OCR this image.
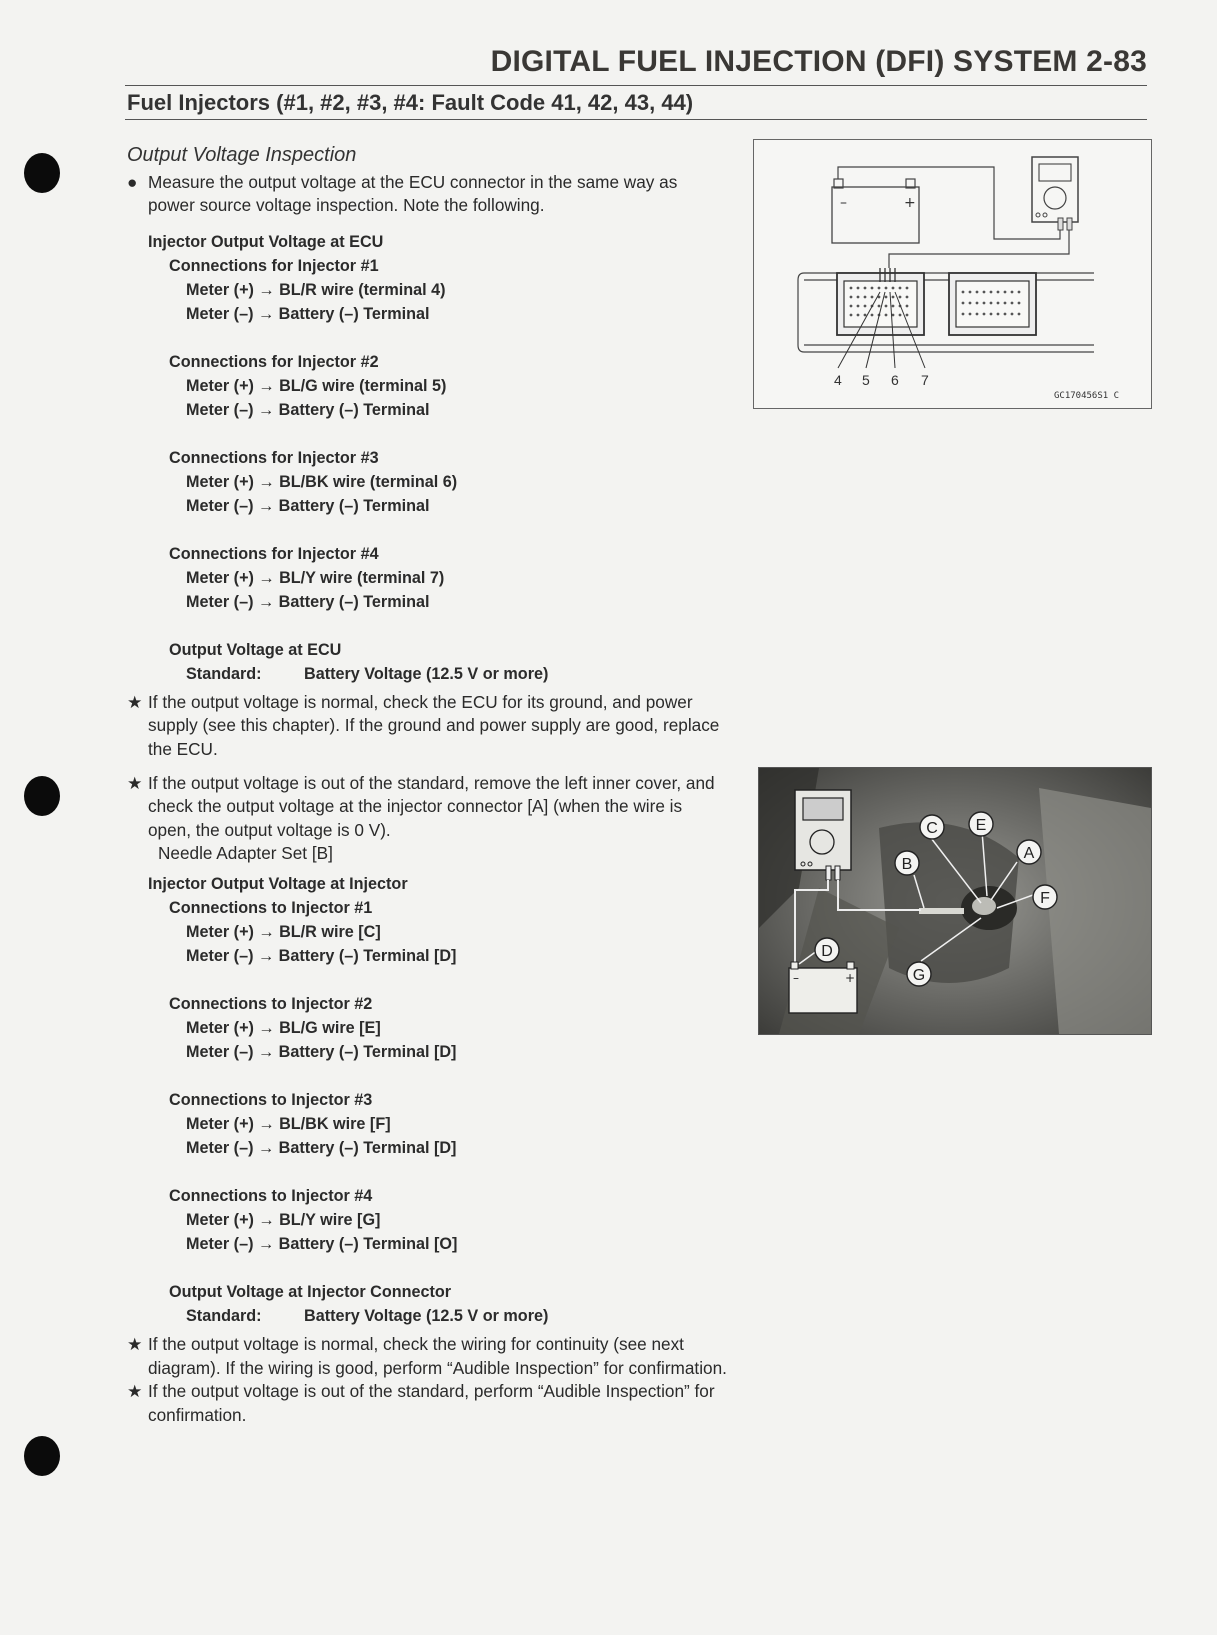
DIGITAL FUEL INJECTION (DFI) SYSTEM 2-83
Fuel Injectors (#1, #2, #3, #4: Fault Code 41, 42, 43, 44)
Output Voltage Inspection

● Measure the output voltage at the ECU connector in the same way as power source voltage inspection. Note the following.

Injector Output Voltage at ECU
Connections for Injector #1
Meter (+) → BL/R wire (terminal 4)
Meter (–) → Battery (–) Terminal
Connections for Injector #2
Meter (+) → BL/G wire (terminal 5)
Meter (–) → Battery (–) Terminal
Connections for Injector #3
Meter (+) → BL/BK wire (terminal 6)
Meter (–) → Battery (–) Terminal
Connections for Injector #4
Meter (+) → BL/Y wire (terminal 7)
Meter (–) → Battery (–) Terminal
Output Voltage at ECU
Standard:	Battery Voltage (12.5 V or more)

★ If the output voltage is normal, check the ECU for its ground, and power supply (see this chapter). If the ground and power supply are good, replace the ECU.

★ If the output voltage is out of the standard, remove the left inner cover, and check the output voltage at the injector connector [A] (when the wire is open, the output voltage is 0 V).

Needle Adapter Set [B]
Injector Output Voltage at Injector
Connections to Injector #1
Meter (+) → BL/R wire [C]
Meter (–) → Battery (–) Terminal [D]
Connections to Injector #2
Meter (+) → BL/G wire [E]
Meter (–) → Battery (–) Terminal [D]
Connections to Injector #3
Meter (+) → BL/BK wire [F]
Meter (–) → Battery (–) Terminal [D]
Connections to Injector #4
Meter (+) → BL/Y wire [G]
Meter (–) → Battery (–) Terminal [O]
Output Voltage at Injector Connector
Standard:	Battery Voltage (12.5 V or more)

★ If the output voltage is normal, check the wiring for continuity (see next diagram). If the wiring is good, perform “Audible Inspection” for confirmation.

★ If the output voltage is out of the standard, perform “Audible Inspection” for confirmation.

–	+
4 5 6 7
GC170456S1 C
–	+
A
B
C
D
E
F
G
